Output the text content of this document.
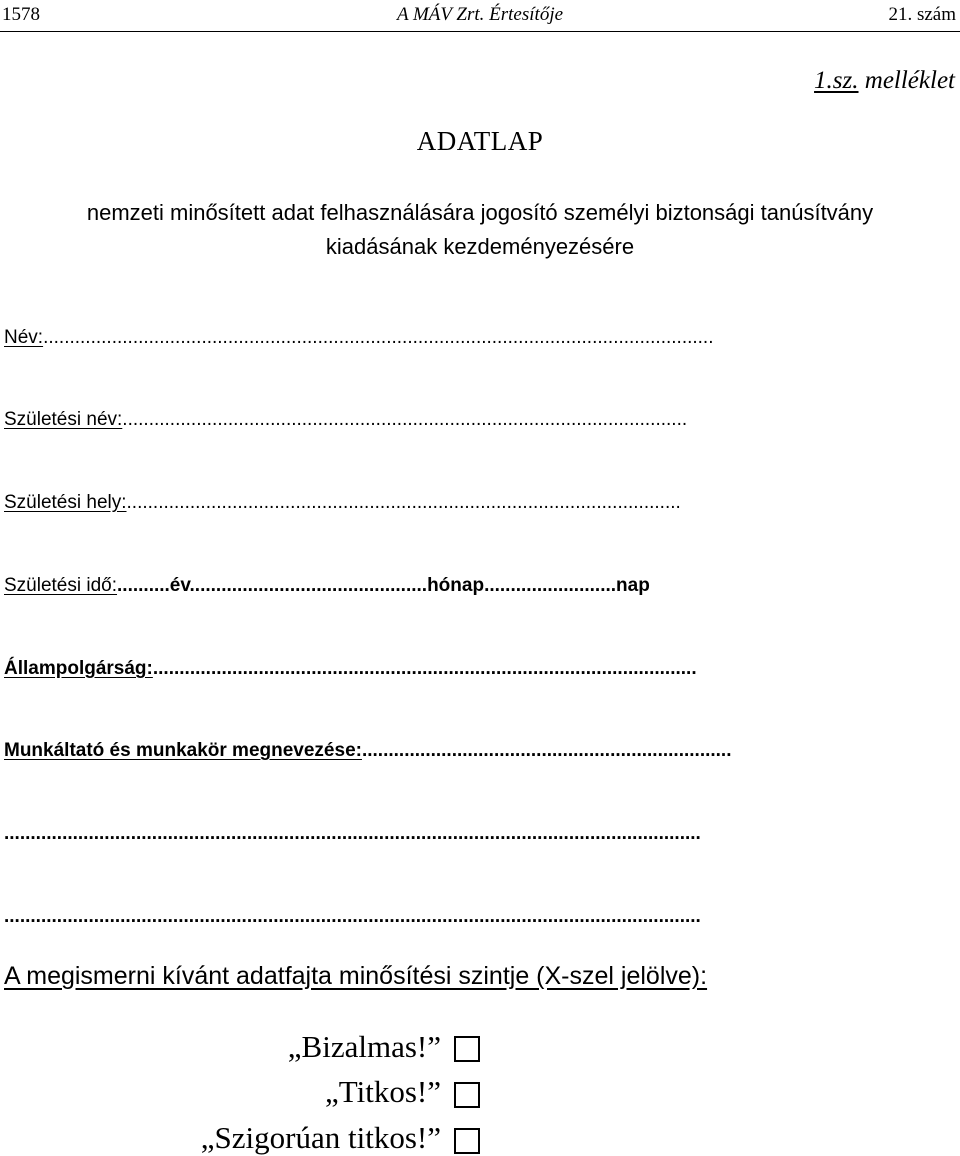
1578	A MÁV Zrt. Értesítője	21. szám
1.sz. melléklet
ADATLAP
nemzeti minősített adat felhasználására jogosító személyi biztonsági tanúsítvány
kiadásának kezdeményezésére
Név:...............................................................................................................................
Születési név:...........................................................................................................
Születési hely:.........................................................................................................
Születési idő:..........év.............................................hónap.........................nap
Állampolgárság:.......................................................................................................
Munkáltató és munkakör megnevezése:......................................................................
....................................................................................................................................
....................................................................................................................................
A megismerni kívánt adatfajta minősítési szintje (X-szel jelölve):
„Bizalmas!”
„Titkos!”
„Szigorúan titkos!”
